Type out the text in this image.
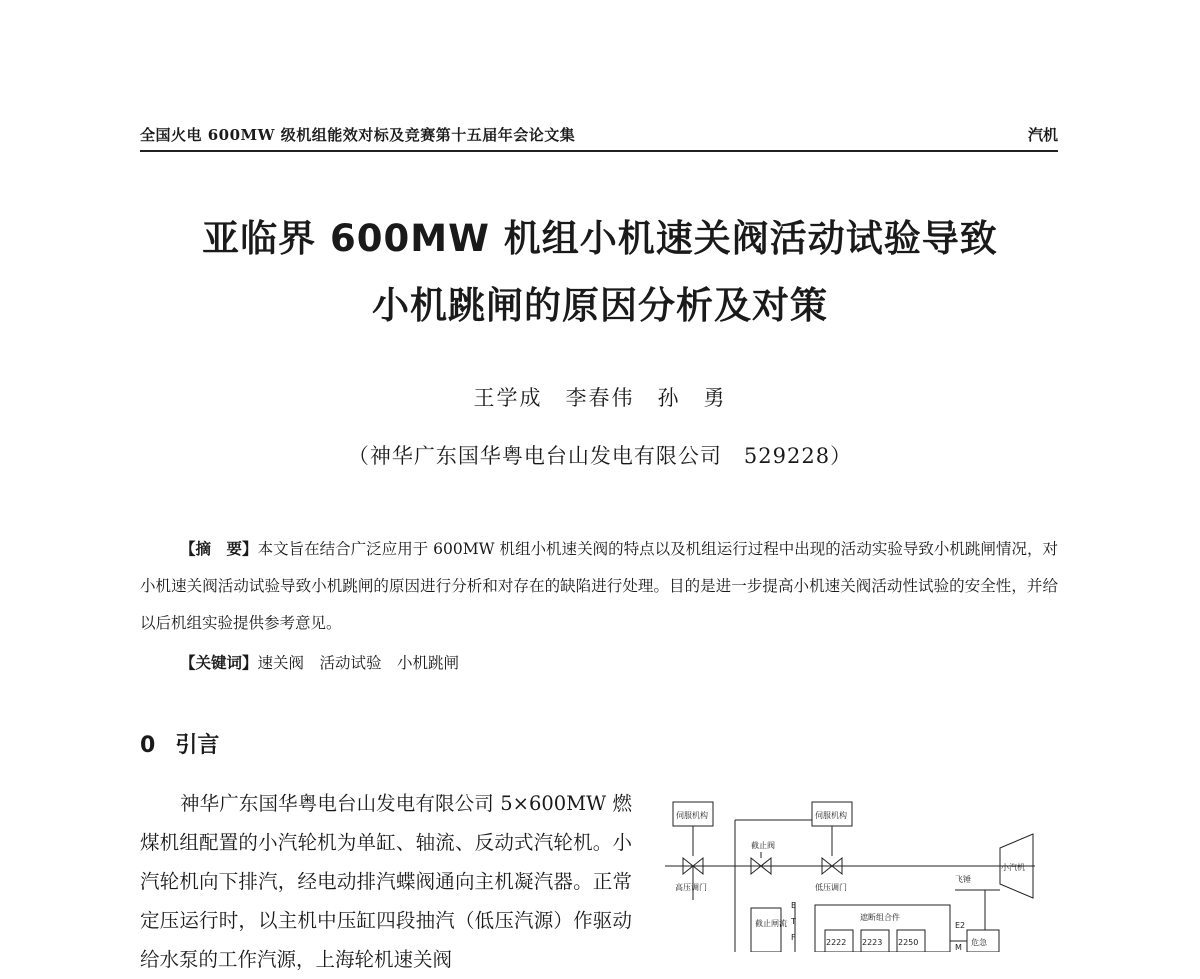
全国火电 600MW 级机组能效对标及竞赛第十五届年会论文集	汽机
亚临界 600MW 机组小机速关阀活动试验导致
小机跳闸的原因分析及对策
王学成　李春伟　孙　勇
（神华广东国华粤电台山发电有限公司　529228）
【摘　要】本文旨在结合广泛应用于 600MW 机组小机速关阀的特点以及机组运行过程中出现的活动实验导致小机跳闸情况，对小机速关阀活动试验导致小机跳闸的原因进行分析和对存在的缺陷进行处理。目的是进一步提高小机速关阀活动性试验的安全性，并给以后机组实验提供参考意见。
【关键词】速关阀　活动试验　小机跳闸
0 引言
神华广东国华粤电台山发电有限公司 5×600MW 燃煤机组配置的小汽轮机为单缸、轴流、反动式汽轮机。小汽轮机向下排汽，经电动排汽蝶阀通向主机凝汽器。正常定压运行时，以主机中压缸四段抽汽（低压汽源）作驱动给水泵的工作汽源，上海轮机速关阀
伺服机构	伺服机构
截止阀
高压调门	低压调门
飞锤
小汽机
遮断组合件
截止闸流
E
T
F
E2
M
危急
2222 2223 2250
